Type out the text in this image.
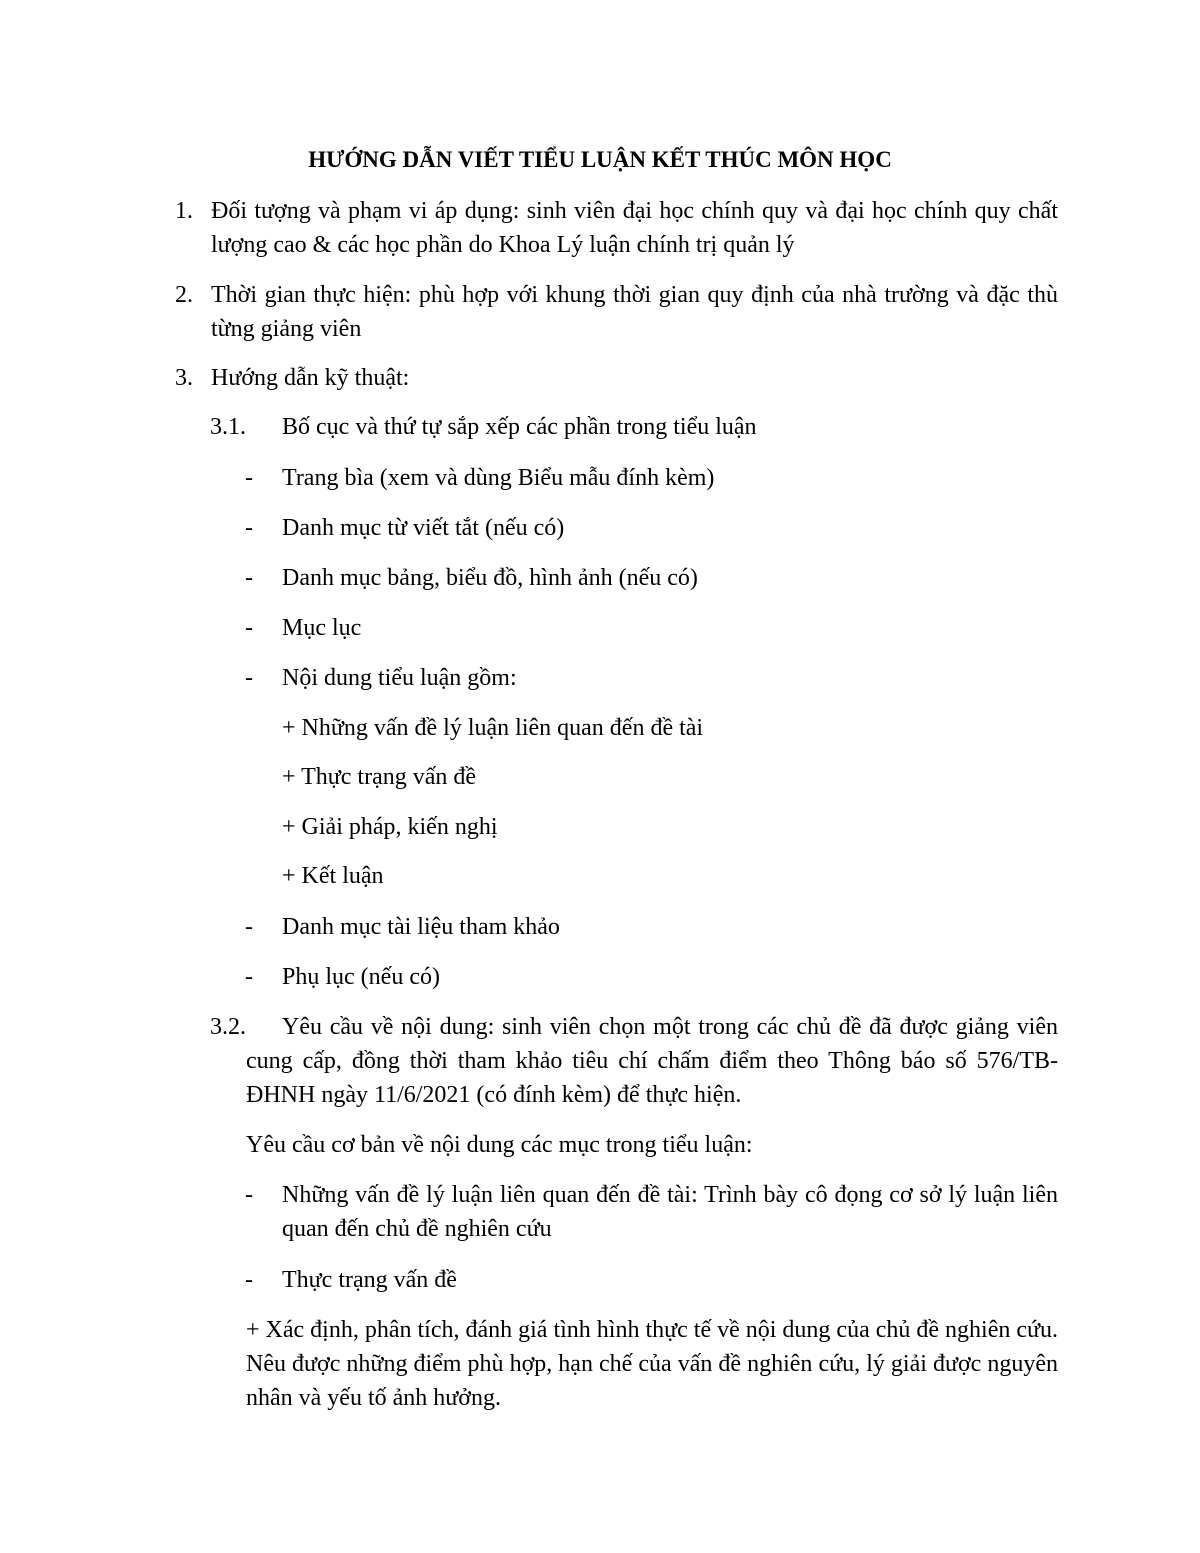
HƯỚNG DẪN VIẾT TIỂU LUẬN KẾT THÚC MÔN HỌC
1. Đối tượng và phạm vi áp dụng: sinh viên đại học chính quy và đại học chính quy chất lượng cao & các học phần do Khoa Lý luận chính trị quản lý
2. Thời gian thực hiện: phù hợp với khung thời gian quy định của nhà trường và đặc thù từng giảng viên
3. Hướng dẫn kỹ thuật:
3.1. Bố cục và thứ tự sắp xếp các phần trong tiểu luận
- Trang bìa (xem và dùng Biểu mẫu đính kèm)
- Danh mục từ viết tắt (nếu có)
- Danh mục bảng, biểu đồ, hình ảnh (nếu có)
- Mục lục
- Nội dung tiểu luận gồm:
+ Những vấn đề lý luận liên quan đến đề tài
+ Thực trạng vấn đề
+ Giải pháp, kiến nghị
+ Kết luận
- Danh mục tài liệu tham khảo
- Phụ lục (nếu có)
3.2.	Yêu cầu về nội dung: sinh viên chọn một trong các chủ đề đã được giảng viên cung cấp, đồng thời tham khảo tiêu chí chấm điểm theo Thông báo số 576/TB-ĐHNH ngày 11/6/2021 (có đính kèm) để thực hiện.
Yêu cầu cơ bản về nội dung các mục trong tiểu luận:
- Những vấn đề lý luận liên quan đến đề tài: Trình bày cô đọng cơ sở lý luận liên quan đến chủ đề nghiên cứu
- Thực trạng vấn đề
+ Xác định, phân tích, đánh giá tình hình thực tế về nội dung của chủ đề nghiên cứu. Nêu được những điểm phù hợp, hạn chế của vấn đề nghiên cứu, lý giải được nguyên nhân và yếu tố ảnh hưởng.
